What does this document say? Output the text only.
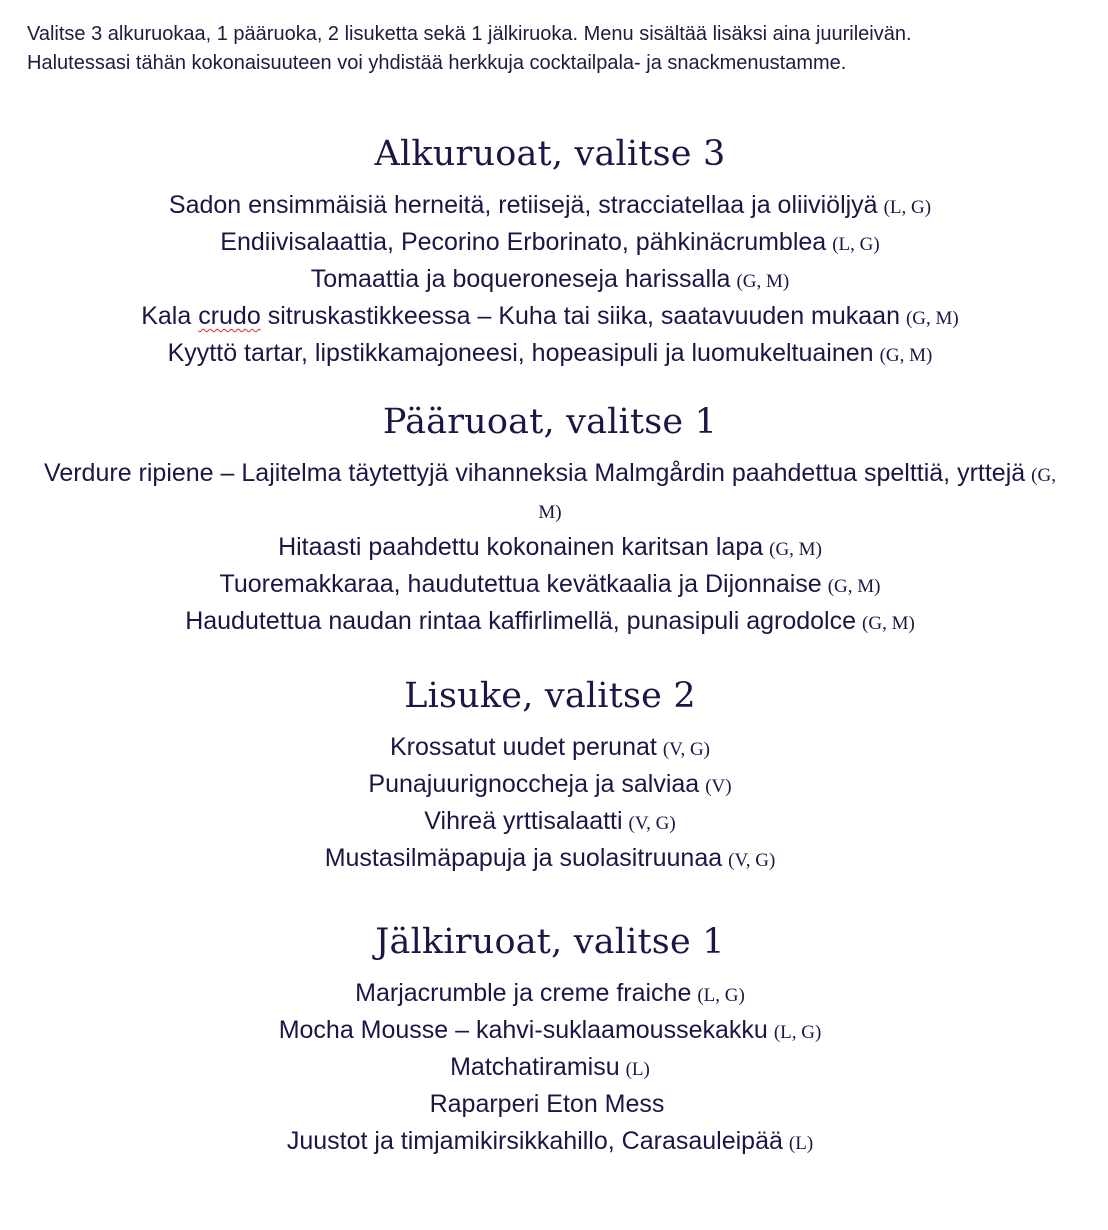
Valitse 3 alkuruokaa, 1 pääruoka, 2 lisuketta sekä 1 jälkiruoka. Menu sisältää lisäksi aina juurileivän. Halutessasi tähän kokonaisuuteen voi yhdistää herkkuja cocktailpala- ja snackmenustamme.

Alkuruoat, valitse 3
Sadon ensimmäisiä herneitä, retiisejä, stracciatellaa ja oliiviöljyä (L, G)
Endiivisalaattia, Pecorino Erborinato, pähkinäcrumblea (L, G)
Tomaattia ja boqueroneseja harissalla (G, M)
Kala crudo sitruskastikkeessa – Kuha tai siika, saatavuuden mukaan (G, M)
Kyyttö tartar, lipstikkamajoneesi, hopeasipuli ja luomukeltuainen (G, M)
Pääruoat, valitse 1
Verdure ripiene – Lajitelma täytettyjä vihanneksia Malmgårdin paahdettua spelttiä, yrttejä (G, M)
Hitaasti paahdettu kokonainen karitsan lapa (G, M)
Tuoremakkaraa, haudutettua kevätkaalia ja Dijonnaise (G, M)
Haudutettua naudan rintaa kaffirlimellä, punasipuli agrodolce (G, M)
Lisuke, valitse 2
Krossatut uudet perunat (V, G)
Punajuurignoccheja ja salviaa (V)
Vihreä yrttisalaatti (V, G)
Mustasilmäpapuja ja suolasitruunaa (V, G)
Jälkiruoat, valitse 1
Marjacrumble ja creme fraiche (L, G)
Mocha Mousse – kahvi-suklaamoussekakku (L, G)
Matchatiramisu (L)
Raparperi Eton Mess
Juustot ja timjamikirsikkahillo, Carasauleipää (L)
